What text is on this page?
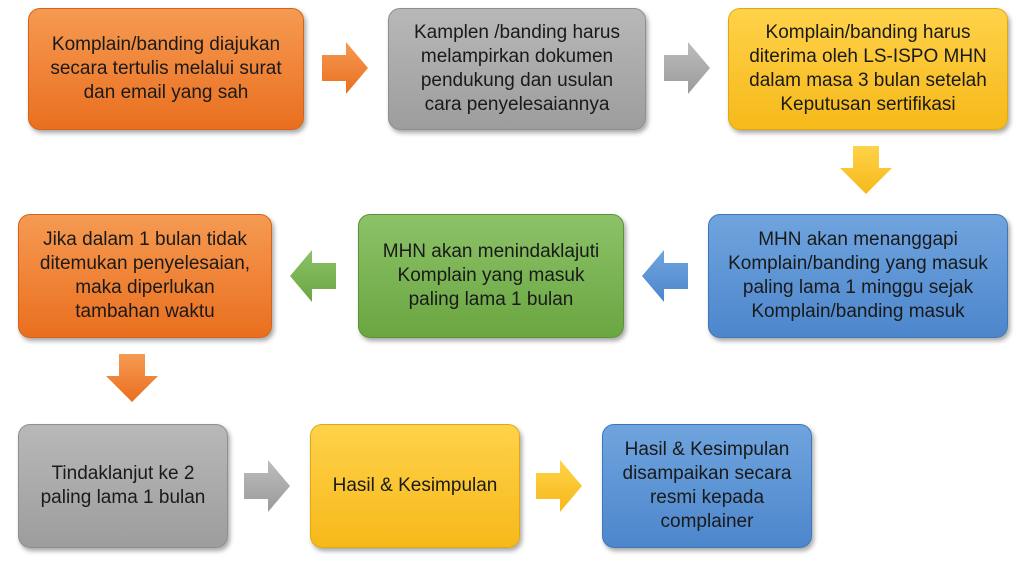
Komplain/banding diajukan
secara tertulis melalui surat
dan email yang sah
Kamplen /banding harus
melampirkan dokumen
pendukung dan usulan
cara penyelesaiannya
Komplain/banding harus
diterima oleh LS-ISPO MHN
dalam masa 3 bulan setelah
Keputusan sertifikasi
Jika dalam 1 bulan tidak
ditemukan penyelesaian,
maka diperlukan
tambahan waktu
MHN akan menindaklajuti
Komplain yang masuk
paling lama 1 bulan
MHN akan menanggapi
Komplain/banding yang masuk
paling lama 1 minggu sejak
Komplain/banding masuk
Tindaklanjut ke 2
paling lama 1 bulan
Hasil & Kesimpulan
Hasil & Kesimpulan
disampaikan secara
resmi kepada
complainer
